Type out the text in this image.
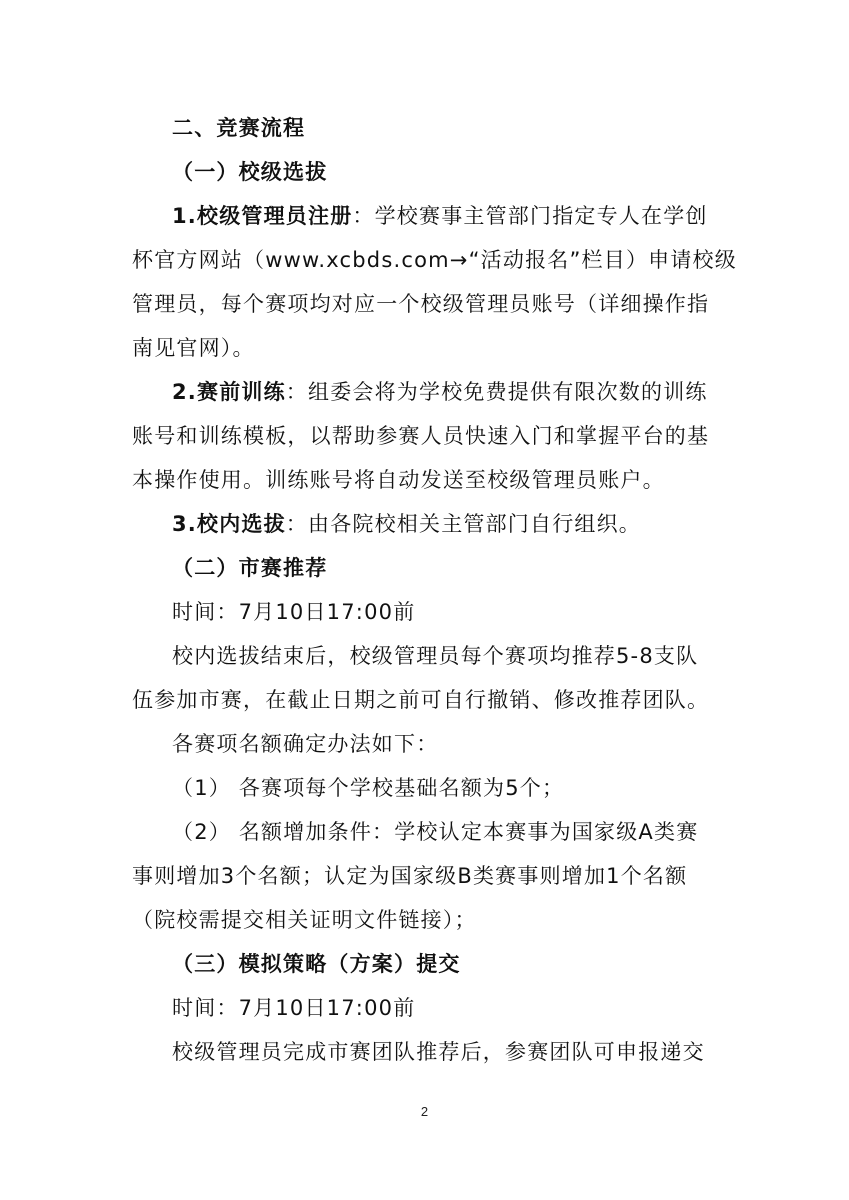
二、竞赛流程
（一）校级选拔
1.校级管理员注册：学校赛事主管部门指定专人在学创
杯官方网站（www.xcbds.com→“活动报名”栏目）申请校级
管理员，每个赛项均对应一个校级管理员账号（详细操作指
南见官网）。
2.赛前训练：组委会将为学校免费提供有限次数的训练
账号和训练模板，以帮助参赛人员快速入门和掌握平台的基
本操作使用。训练账号将自动发送至校级管理员账户。
3.校内选拔：由各院校相关主管部门自行组织。
（二）市赛推荐
时间：7月10日17:00前
校内选拔结束后，校级管理员每个赛项均推荐5-8支队
伍参加市赛，在截止日期之前可自行撤销、修改推荐团队。
各赛项名额确定办法如下：
（1） 各赛项每个学校基础名额为5个；
（2） 名额增加条件：学校认定本赛事为国家级A类赛
事则增加3个名额；认定为国家级B类赛事则增加1个名额
（院校需提交相关证明文件链接）；
（三）模拟策略（方案）提交
时间：7月10日17:00前
校级管理员完成市赛团队推荐后，参赛团队可申报递交
2
